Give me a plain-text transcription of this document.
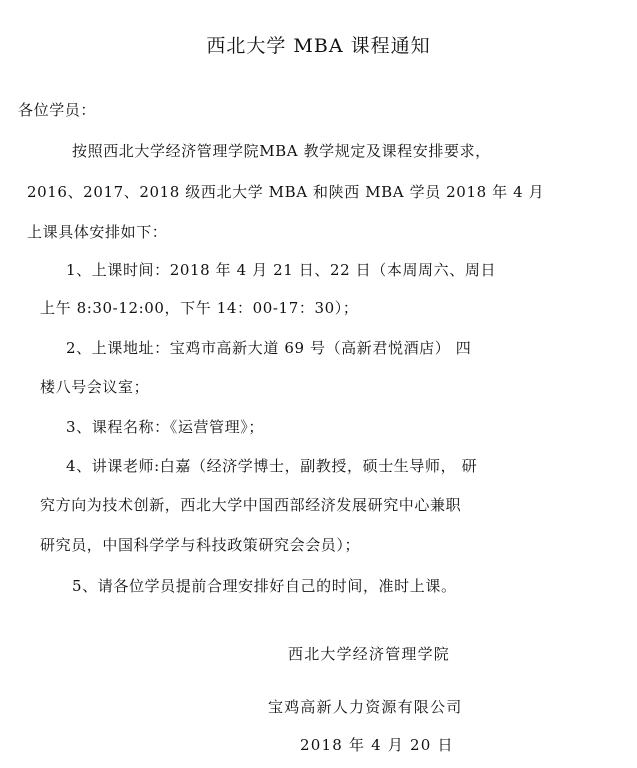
西北大学 MBA 课程通知
各位学员：
按照西北大学经济管理学院MBA 教学规定及课程安排要求，
2016、2017、2018 级西北大学 MBA 和陕西 MBA 学员 2018 年 4 月
上课具体安排如下：
1、上课时间：2018 年 4 月 21 日、22 日（本周周六、周日
上午 8:30-12:00，下午 14：00-17：30）；
2、上课地址：宝鸡市高新大道 69 号（高新君悦酒店） 四
楼八号会议室；
3、课程名称：《运营管理》；
4、讲课老师:白嘉（经济学博士，副教授，硕士生导师， 研
究方向为技术创新，西北大学中国西部经济发展研究中心兼职
研究员，中国科学学与科技政策研究会会员）；
5、请各位学员提前合理安排好自己的时间，准时上课。
西北大学经济管理学院
宝鸡高新人力资源有限公司
2018 年 4 月 20 日
